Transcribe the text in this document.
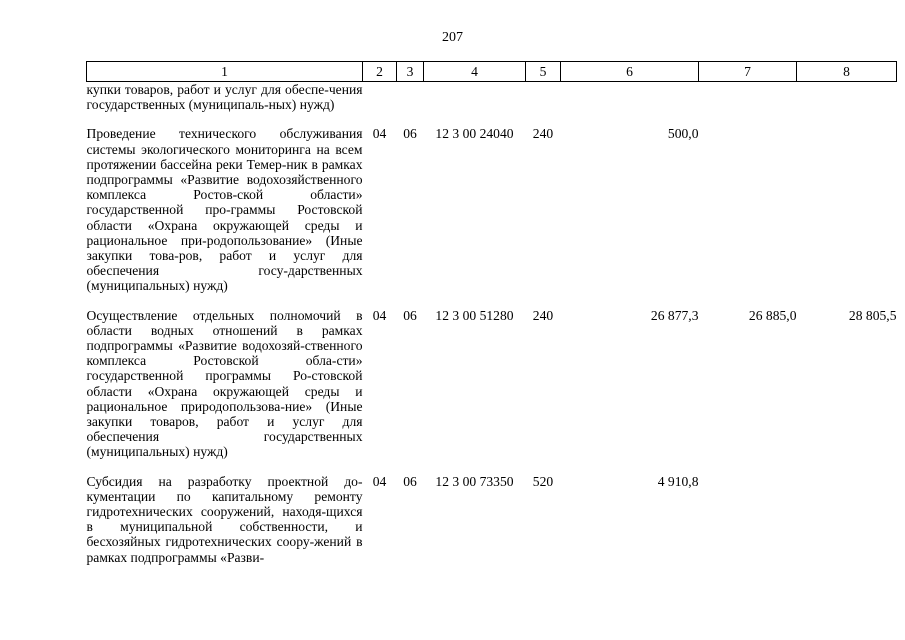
207
1	2	3	4	5	6	7	8
купки товаров, работ и услуг для обеспе-чения государственных (муниципаль-ных) нужд)							

Проведение технического обслуживания системы экологического мониторинга на всем протяжении бассейна реки Темер-ник в рамках подпрограммы «Развитие водохозяйственного комплекса Ростов-ской области» государственной про-граммы Ростовской области «Охрана окружающей среды и рациональное при-родопользование» (Иные закупки това-ров, работ и услуг для обеспечения госу-дарственных (муниципальных) нужд)	04	06	12 3 00 24040	240	500,0		

Осуществление отдельных полномочий в области водных отношений в рамках подпрограммы «Развитие водохозяй-ственного комплекса Ростовской обла-сти» государственной программы Ро-стовской области «Охрана окружающей среды и рациональное природопользова-ние» (Иные закупки товаров, работ и услуг для обеспечения государственных (муниципальных) нужд)	04	06	12 3 00 51280	240	26 877,3	26 885,0	28 805,5

Субсидия на разработку проектной до-кументации по капитальному ремонту гидротехнических сооружений, находя-щихся в муниципальной собственности, и бесхозяйных гидротехнических соору-жений в рамках подпрограммы «Разви-	04	06	12 3 00 73350	520	4 910,8		
